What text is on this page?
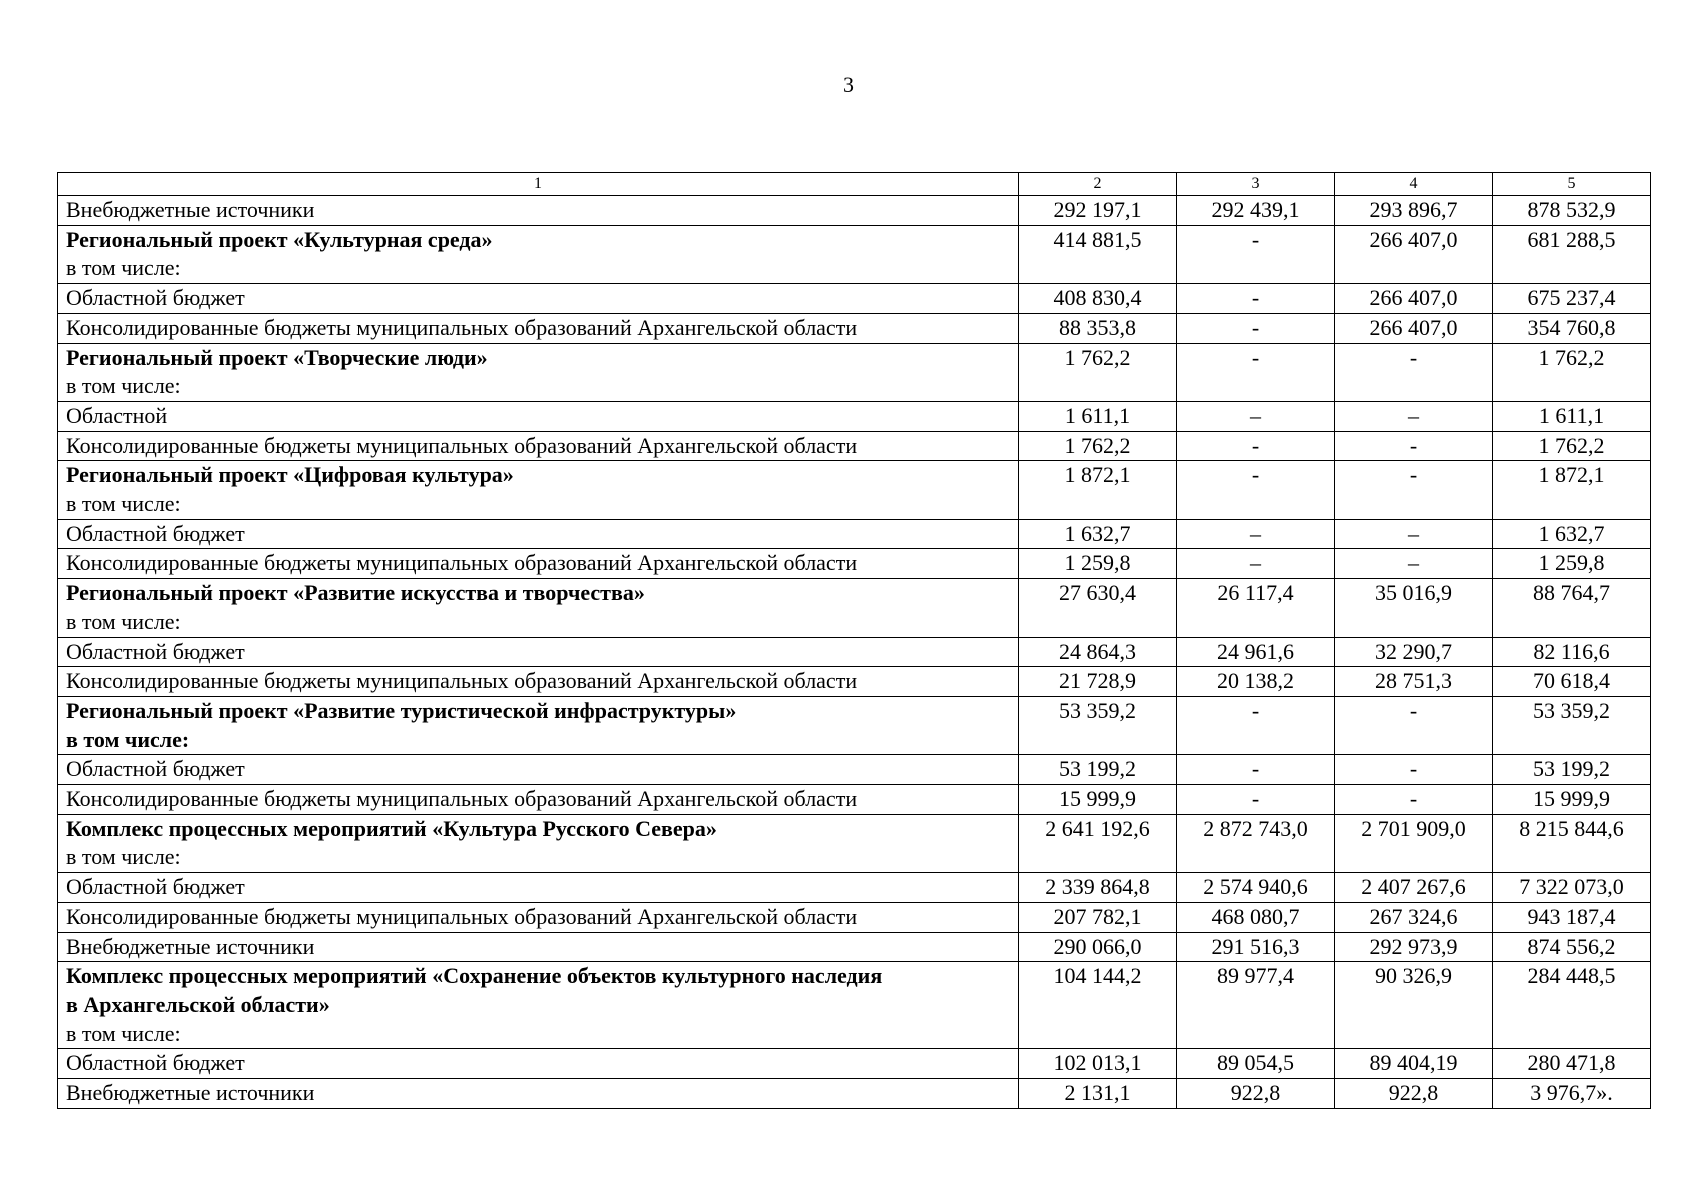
3
1	2	3	4	5

Внебюджетные источники	292 197,1	292 439,1	293 896,7	878 532,9

Региональный проект «Культурная среда»
в том числе:	414 881,5	-	266 407,0	681 288,5

Областной бюджет	408 830,4	-	266 407,0	675 237,4

Консолидированные бюджеты муниципальных образований Архангельской области	88 353,8	-	266 407,0	354 760,8

Региональный проект «Творческие люди»
в том числе:	1 762,2	-	-	1 762,2

Областной	1 611,1	–	–	1 611,1

Консолидированные бюджеты муниципальных образований Архангельской области	1 762,2	-	-	1 762,2

Региональный проект «Цифровая культура»
в том числе:	1 872,1	-	-	1 872,1

Областной бюджет	1 632,7	–	–	1 632,7

Консолидированные бюджеты муниципальных образований Архангельской области	1 259,8	–	–	1 259,8

Региональный проект «Развитие искусства и творчества»
в том числе:	27 630,4	26 117,4	35 016,9	88 764,7

Областной бюджет	24 864,3	24 961,6	32 290,7	82 116,6

Консолидированные бюджеты муниципальных образований Архангельской области	21 728,9	20 138,2	28 751,3	70 618,4

Региональный проект «Развитие туристической инфраструктуры»
в том числе:	53 359,2	-	-	53 359,2

Областной бюджет	53 199,2	-	-	53 199,2

Консолидированные бюджеты муниципальных образований Архангельской области	15 999,9	-	-	15 999,9

Комплекс процессных мероприятий «Культура Русского Севера»
в том числе:	2 641 192,6	2 872 743,0	2 701 909,0	8 215 844,6

Областной бюджет	2 339 864,8	2 574 940,6	2 407 267,6	7 322 073,0

Консолидированные бюджеты муниципальных образований Архангельской области	207 782,1	468 080,7	267 324,6	943 187,4

Внебюджетные источники	290 066,0	291 516,3	292 973,9	874 556,2

Комплекс процессных мероприятий «Сохранение объектов культурного наследия
в Архангельской области»
в том числе:	104 144,2	89 977,4	90 326,9	284 448,5

Областной бюджет	102 013,1	89 054,5	89 404,19	280 471,8

Внебюджетные источники	2 131,1	922,8	922,8	3 976,7».
